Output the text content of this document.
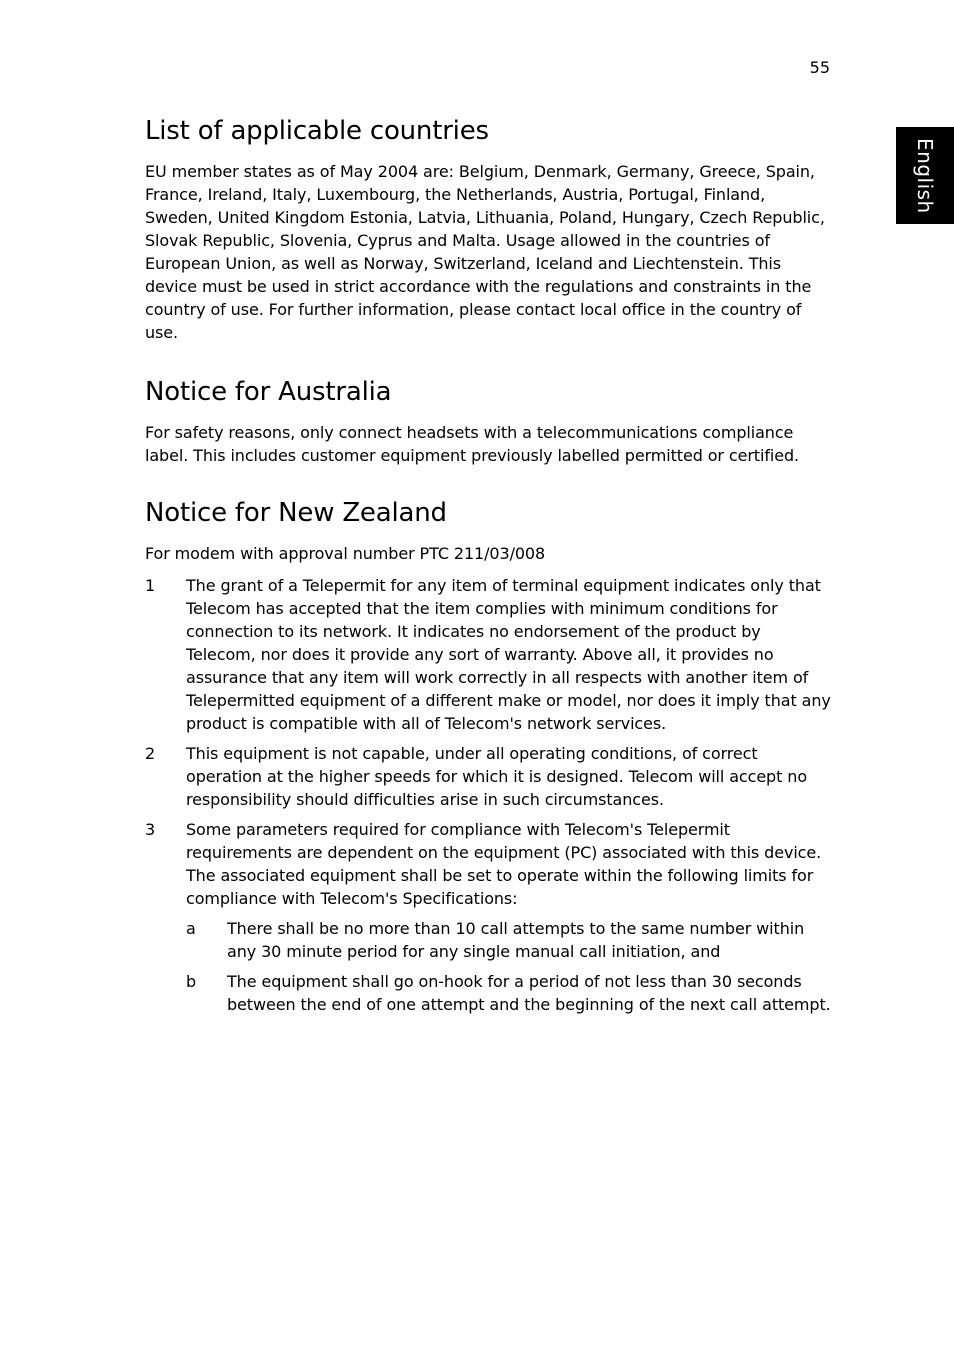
55
English
List of applicable countries

EU member states as of May 2004 are: Belgium, Denmark, Germany, Greece, Spain, France, Ireland, Italy, Luxembourg, the Netherlands, Austria, Portugal, Finland, Sweden, United Kingdom Estonia, Latvia, Lithuania, Poland, Hungary, Czech Republic, Slovak Republic, Slovenia, Cyprus and Malta. Usage allowed in the countries of European Union, as well as Norway, Switzerland, Iceland and Liechtenstein. This device must be used in strict accordance with the regulations and constraints in the country of use. For further information, please contact local office in the country of use.

Notice for Australia

For safety reasons, only connect headsets with a telecommunications compliance label. This includes customer equipment previously labelled permitted or certified.

Notice for New Zealand

For modem with approval number PTC 211/03/008

1	The grant of a Telepermit for any item of terminal equipment indicates only that Telecom has accepted that the item complies with minimum conditions for connection to its network. It indicates no endorsement of the product by Telecom, nor does it provide any sort of warranty. Above all, it provides no assurance that any item will work correctly in all respects with another item of Telepermitted equipment of a different make or model, nor does it imply that any product is compatible with all of Telecom's network services.

2	This equipment is not capable, under all operating conditions, of correct operation at the higher speeds for which it is designed. Telecom will accept no responsibility should difficulties arise in such circumstances.

3	Some parameters required for compliance with Telecom's Telepermit requirements are dependent on the equipment (PC) associated with this device. The associated equipment shall be set to operate within the following limits for compliance with Telecom's Specifications:

a	There shall be no more than 10 call attempts to the same number within any 30 minute period for any single manual call initiation, and

b	The equipment shall go on-hook for a period of not less than 30 seconds between the end of one attempt and the beginning of the next call attempt.
